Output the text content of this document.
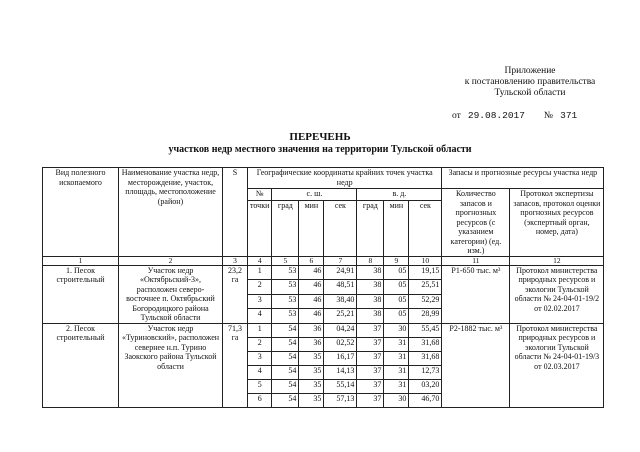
Приложение
к постановлению правительства
Тульской области
от 29.08.2017 № 371
ПЕРЕЧЕНЬ
участков недр местного значения на территории Тульской области
Вид полезного ископаемого	Наименование участка недр, месторождение, участок, площадь, местоположение (район)	S	Географические координаты крайних точек участка недр							Запасы и прогнозные ресурсы участка недр	
			№	с. ш.			в. д.			Количество запасов и прогнозных ресурсов (с указанием категории) (ед. изм.)	Протокол экспертизы запасов, протокол оценки прогнозных ресурсов (экспертный орган, номер, дата)
			точки	град	мин	сек	град	мин	сек		
1	2	3	4	5	6	7	8	9	10	11	12
1. Песок строительный	Участок недр «Октябрьский-3», расположен северо-восточнее п. Октябрьский Богородицкого района Тульской области	23,2 га	1	53	46	24,91	38	05	19,15	Р1-650 тыс. м³	Протокол министерства природных ресурсов и экологии Тульской области № 24-04-01-19/2 от 02.02.2017
			2	53	46	48,51	38	05	25,51		
			3	53	46	38,40	38	05	52,29		
			4	53	46	25,21	38	05	28,99		
2. Песок строительный	Участок недр «Туриновский», расположен севернее н.п. Турино Заокского района Тульской области	71,3 га	1	54	36	04,24	37	30	55,45	Р2-1882 тыс. м³	Протокол министерства природных ресурсов и экологии Тульской области № 24-04-01-19/3 от 02.03.2017
			2	54	36	02,52	37	31	31,68		
			3	54	35	16,17	37	31	31,68		
			4	54	35	14,13	37	31	12,73		
			5	54	35	55,14	37	31	03,20		
			6	54	35	57,13	37	30	46,70		
